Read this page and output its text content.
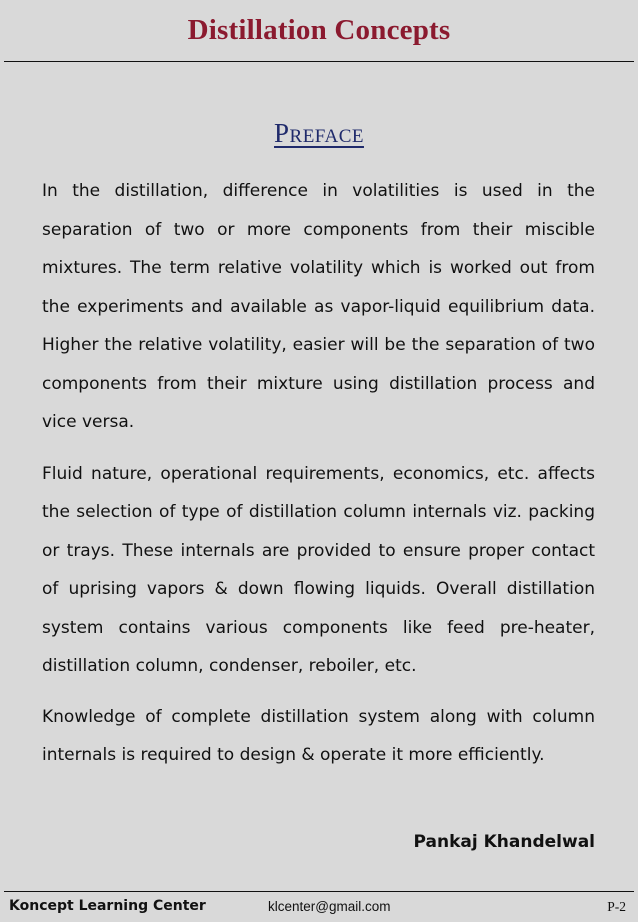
Distillation Concepts
Preface

In the distillation, difference in volatilities is used in the separation of two or more components from their miscible mixtures. The term relative volatility which is worked out from the experiments and available as vapor-liquid equilibrium data. Higher the relative volatility, easier will be the separation of two components from their mixture using distillation process and vice versa.

Fluid nature, operational requirements, economics, etc. affects the selection of type of distillation column internals viz. packing or trays. These internals are provided to ensure proper contact of uprising vapors & down flowing liquids. Overall distillation system contains various components like feed pre-heater, distillation column, condenser, reboiler, etc.

Knowledge of complete distillation system along with column internals is required to design & operate it more efficiently.

Pankaj Khandelwal
Koncept Learning Center	klcenter@gmail.com	P-2
